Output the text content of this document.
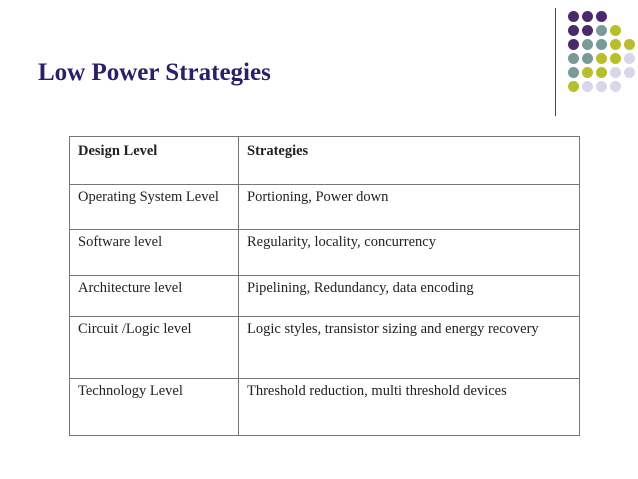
Low Power Strategies
Design Level	Strategies
Operating System Level	Portioning, Power down
Software level	Regularity, locality, concurrency
Architecture level	Pipelining, Redundancy, data encoding
Circuit /Logic level	Logic styles, transistor sizing and energy recovery
Technology Level	Threshold reduction, multi threshold devices
